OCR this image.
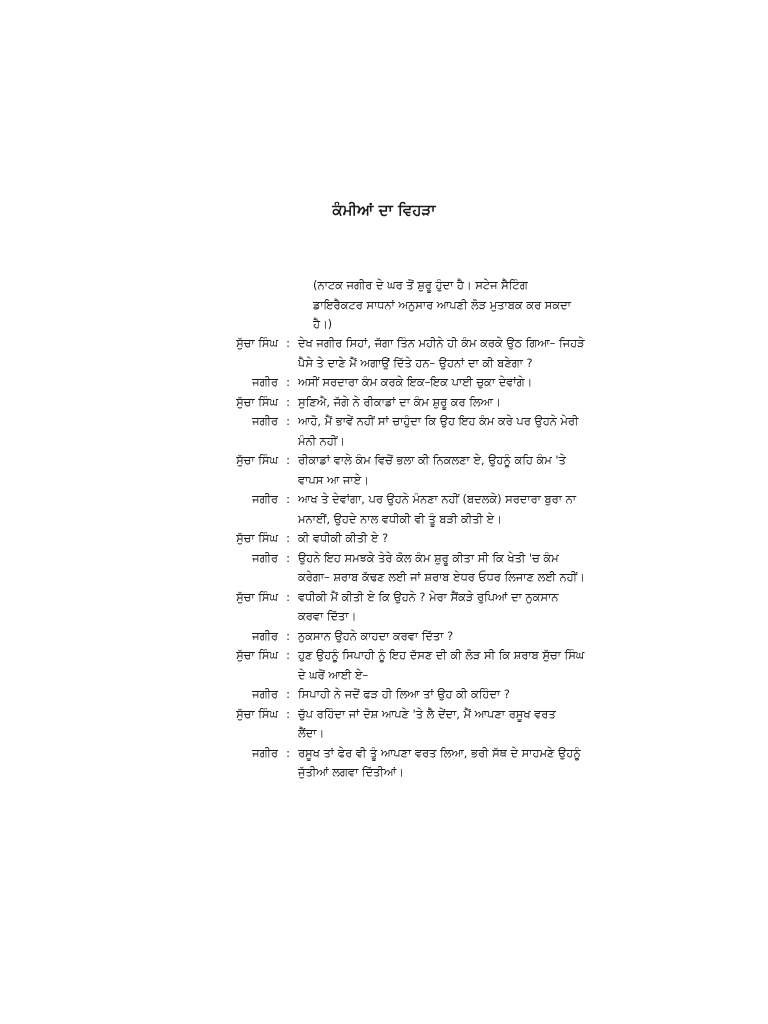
ਕੰਮੀਆਂ ਦਾ ਵਿਹੜਾ

(ਨਾਟਕ ਜਗੀਰ ਦੇ ਘਰ ਤੋਂ ਸ਼ੁਰੂ ਹੁੰਦਾ ਹੈ। ਸਟੇਜ ਸੈਟਿੰਗ ਡਾਇਰੈਕਟਰ ਸਾਧਨਾਂ ਅਨੁਸਾਰ ਆਪਣੀ ਲੋੜ ਮੁਤਾਬਕ ਕਰ ਸਕਦਾ ਹੈ।)

ਸੁੱਚਾ ਸਿੰਘ : ਦੇਖ ਜਗੀਰ ਸਿਹਾਂ, ਜੱਗਾ ਤਿੰਨ ਮਹੀਨੇ ਹੀ ਕੰਮ ਕਰਕੇ ਉਠ ਗਿਆ– ਜਿਹੜੇ ਪੈਸੇ ਤੇ ਦਾਣੇ ਮੈਂ ਅਗਾਉਂ ਦਿੱਤੇ ਹਨ– ਉਹਨਾਂ ਦਾ ਕੀ ਬਣੇਗਾ ?
ਜਗੀਰ : ਅਸੀਂ ਸਰਦਾਰਾ ਕੰਮ ਕਰਕੇ ਇਕ–ਇਕ ਪਾਈ ਚੁਕਾ ਦੇਵਾਂਗੇ।
ਸੁੱਚਾ ਸਿੰਘ : ਸੁਣਿਐ, ਜੱਗੇ ਨੇ ਰੀਕਾਡਾਂ ਦਾ ਕੰਮ ਸ਼ੁਰੂ ਕਰ ਲਿਆ।
ਜਗੀਰ : ਆਹੋ, ਮੈਂ ਭਾਵੇਂ ਨਹੀਂ ਸਾਂ ਚਾਹੁੰਦਾ ਕਿ ਉਹ ਇਹ ਕੰਮ ਕਰੇ ਪਰ ਉਹਨੇ ਮੇਰੀ ਮੰਨੀ ਨਹੀਂ।
ਸੁੱਚਾ ਸਿੰਘ : ਰੀਕਾਡਾਂ ਵਾਲੇ ਕੰਮ ਵਿਚੋਂ ਭਲਾ ਕੀ ਨਿਕਲਣਾ ਏ, ਉਹਨੂੰ ਕਹਿ ਕੰਮ 'ਤੇ ਵਾਪਸ ਆ ਜਾਏ।
ਜਗੀਰ : ਆਖ ਤੇ ਦੇਵਾਂਗਾ, ਪਰ ਉਹਨੇ ਮੰਨਣਾ ਨਹੀਂ (ਬਦਲਕੇ) ਸਰਦਾਰਾ ਬੁਰਾ ਨਾ ਮਨਾਈਂ, ਉਹਦੇ ਨਾਲ ਵਧੀਕੀ ਵੀ ਤੂੰ ਬੜੀ ਕੀਤੀ ਏ।
ਸੁੱਚਾ ਸਿੰਘ : ਕੀ ਵਧੀਕੀ ਕੀਤੀ ਏ ?
ਜਗੀਰ : ਉਹਨੇ ਇਹ ਸਮਝਕੇ ਤੇਰੇ ਕੋਲ ਕੰਮ ਸ਼ੁਰੂ ਕੀਤਾ ਸੀ ਕਿ ਖੇਤੀ 'ਚ ਕੰਮ ਕਰੇਗਾ– ਸ਼ਰਾਬ ਕੱਢਣ ਲਈ ਜਾਂ ਸ਼ਰਾਬ ਏਧਰ ਓਧਰ ਲਿਜਾਣ ਲਈ ਨਹੀਂ।
ਸੁੱਚਾ ਸਿੰਘ : ਵਧੀਕੀ ਮੈਂ ਕੀਤੀ ਏ ਕਿ ਉਹਨੇ ? ਮੇਰਾ ਸੈਂਕੜੇ ਰੁਪਿਆਂ ਦਾ ਨੁਕਸਾਨ ਕਰਵਾ ਦਿੱਤਾ।
ਜਗੀਰ : ਨੁਕਸਾਨ ਉਹਨੇ ਕਾਹਦਾ ਕਰਵਾ ਦਿੱਤਾ ?
ਸੁੱਚਾ ਸਿੰਘ : ਹੁਣ ਉਹਨੂੰ ਸਿਪਾਹੀ ਨੂੰ ਇਹ ਦੱਸਣ ਦੀ ਕੀ ਲੋੜ ਸੀ ਕਿ ਸ਼ਰਾਬ ਸੁੱਚਾ ਸਿੰਘ ਦੇ ਘਰੋਂ ਆਈ ਏ–
ਜਗੀਰ : ਸਿਪਾਹੀ ਨੇ ਜਦੋਂ ਫੜ ਹੀ ਲਿਆ ਤਾਂ ਉਹ ਕੀ ਕਹਿੰਦਾ ?
ਸੁੱਚਾ ਸਿੰਘ : ਚੁੱਪ ਰਹਿੰਦਾ ਜਾਂ ਦੋਸ਼ ਆਪਣੇ 'ਤੇ ਲੈ ਦੇਂਦਾ, ਮੈਂ ਆਪਣਾ ਰਸੂਖ ਵਰਤ ਲੈਂਦਾ।
ਜਗੀਰ : ਰਸੂਖ ਤਾਂ ਫੇਰ ਵੀ ਤੂੰ ਆਪਣਾ ਵਰਤ ਲਿਆ, ਭਰੀ ਸੱਥ ਦੇ ਸਾਹਮਣੇ ਉਹਨੂੰ ਜੁੱਤੀਆਂ ਲਗਵਾ ਦਿੱਤੀਆਂ।
